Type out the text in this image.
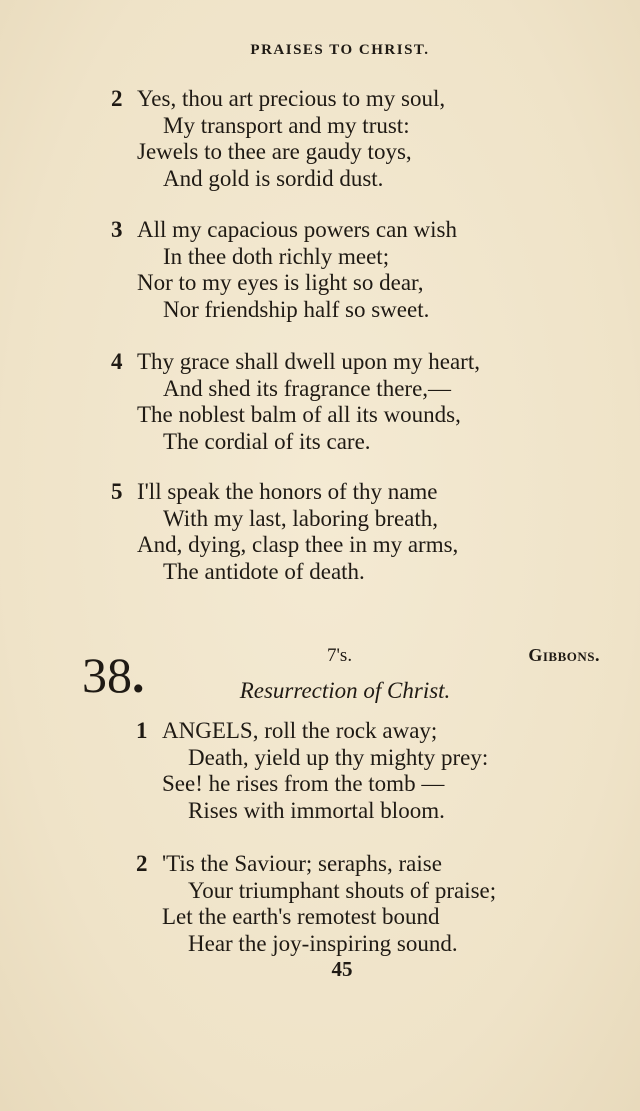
PRAISES TO CHRIST.
2 Yes, thou art precious to my soul,
My transport and my trust:
Jewels to thee are gaudy toys,
And gold is sordid dust.
3 All my capacious powers can wish
In thee doth richly meet;
Nor to my eyes is light so dear,
Nor friendship half so sweet.
4 Thy grace shall dwell upon my heart,
And shed its fragrance there,—
The noblest balm of all its wounds,
The cordial of its care.
5 I'll speak the honors of thy name
With my last, laboring breath,
And, dying, clasp thee in my arms,
The antidote of death.
38.	7's.	Gibbons.
Resurrection of Christ.
1 ANGELS, roll the rock away;
Death, yield up thy mighty prey:
See! he rises from the tomb —
Rises with immortal bloom.
2 'Tis the Saviour; seraphs, raise
Your triumphant shouts of praise;
Let the earth's remotest bound
Hear the joy-inspiring sound.
45
